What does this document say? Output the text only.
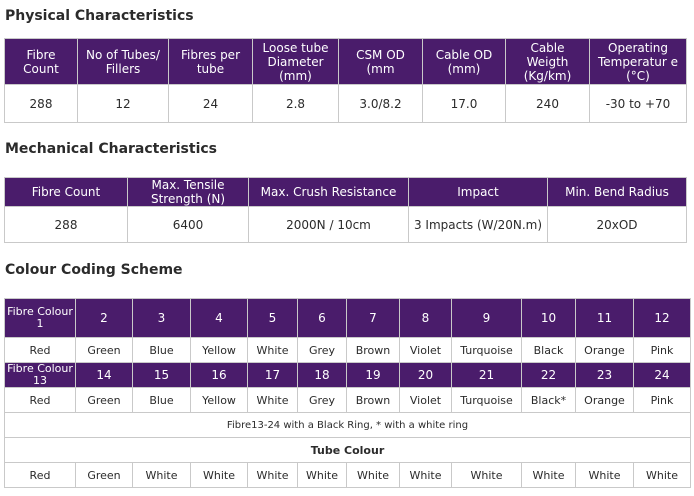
Physical Characteristics
Fibre Count	No of Tubes/ Fillers	Fibres per tube	Loose tube Diameter (mm)	CSM OD (mm	Cable OD (mm)	Cable Weigth (Kg/km)	Operating Temperatur e (°C)
288	12	24	2.8	3.0/8.2	17.0	240	-30 to +70
Mechanical Characteristics
Fibre Count	Max. Tensile Strength (N)	Max. Crush Resistance	Impact	Min. Bend Radius
288	6400	2000N / 10cm	3 Impacts (W/20N.m)	20xOD
Colour Coding Scheme
Fibre Colour 1	2	3	4	5	6	7	8	9	10	11	12
Red	Green	Blue	Yellow	White	Grey	Brown	Violet	Turquoise	Black	Orange	Pink
Fibre Colour 13	14	15	16	17	18	19	20	21	22	23	24
Red	Green	Blue	Yellow	White	Grey	Brown	Violet	Turquoise	Black*	Orange	Pink
Fibre13-24 with a Black Ring, * with a white ring											
Tube Colour											
Red	Green	White	White	White	White	White	White	White	White	White	White
